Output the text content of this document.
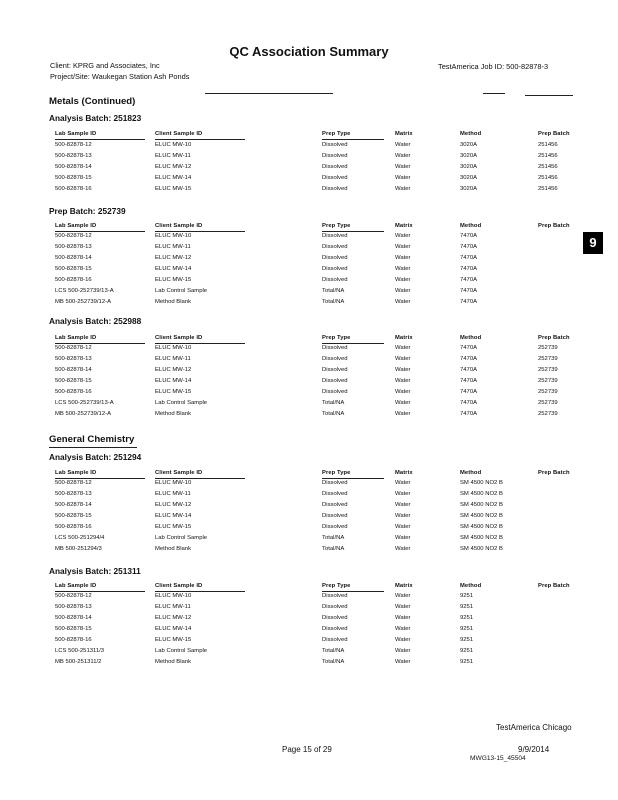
QC Association Summary
Client: KPRG and Associates, Inc
Project/Site: Waukegan Station Ash Ponds
TestAmerica Job ID: 500-82878-3
Metals (Continued)
Analysis Batch: 251823
Lab Sample ID	Client Sample ID	Prep Type	Matrix	Method	Prep Batch
500-82878-12	ELUC MW-10	Dissolved	Water	3020A	251456
500-82878-13	ELUC MW-11	Dissolved	Water	3020A	251456
500-82878-14	ELUC MW-12	Dissolved	Water	3020A	251456
500-82878-15	ELUC MW-14	Dissolved	Water	3020A	251456
500-82878-16	ELUC MW-15	Dissolved	Water	3020A	251456
Prep Batch: 252739
Lab Sample ID	Client Sample ID	Prep Type	Matrix	Method	Prep Batch
500-82878-12	ELUC MW-10	Dissolved	Water	7470A
500-82878-13	ELUC MW-11	Dissolved	Water	7470A
500-82878-14	ELUC MW-12	Dissolved	Water	7470A
500-82878-15	ELUC MW-14	Dissolved	Water	7470A
500-82878-16	ELUC MW-15	Dissolved	Water	7470A
LCS 500-252739/13-A	Lab Control Sample	Total/NA	Water	7470A
MB 500-252739/12-A	Method Blank	Total/NA	Water	7470A
Analysis Batch: 252988
Lab Sample ID	Client Sample ID	Prep Type	Matrix	Method	Prep Batch
500-82878-12	ELUC MW-10	Dissolved	Water	7470A	252739
500-82878-13	ELUC MW-11	Dissolved	Water	7470A	252739
500-82878-14	ELUC MW-12	Dissolved	Water	7470A	252739
500-82878-15	ELUC MW-14	Dissolved	Water	7470A	252739
500-82878-16	ELUC MW-15	Dissolved	Water	7470A	252739
LCS 500-252739/13-A	Lab Control Sample	Total/NA	Water	7470A	252739
MB 500-252739/12-A	Method Blank	Total/NA	Water	7470A	252739
General Chemistry
Analysis Batch: 251294
Lab Sample ID	Client Sample ID	Prep Type	Matrix	Method	Prep Batch
500-82878-12	ELUC MW-10	Dissolved	Water	SM 4500 NO2 B
500-82878-13	ELUC MW-11	Dissolved	Water	SM 4500 NO2 B
500-82878-14	ELUC MW-12	Dissolved	Water	SM 4500 NO2 B
500-82878-15	ELUC MW-14	Dissolved	Water	SM 4500 NO2 B
500-82878-16	ELUC MW-15	Dissolved	Water	SM 4500 NO2 B
LCS 500-251294/4	Lab Control Sample	Total/NA	Water	SM 4500 NO2 B
MB 500-251294/3	Method Blank	Total/NA	Water	SM 4500 NO2 B
Analysis Batch: 251311
Lab Sample ID	Client Sample ID	Prep Type	Matrix	Method	Prep Batch
500-82878-12	ELUC MW-10	Dissolved	Water	9251
500-82878-13	ELUC MW-11	Dissolved	Water	9251
500-82878-14	ELUC MW-12	Dissolved	Water	9251
500-82878-15	ELUC MW-14	Dissolved	Water	9251
500-82878-16	ELUC MW-15	Dissolved	Water	9251
LCS 500-251311/3	Lab Control Sample	Total/NA	Water	9251
MB 500-251311/2	Method Blank	Total/NA	Water	9251
9
TestAmerica Chicago
Page 15 of 29	9/9/2014
MWG13-15_45504
